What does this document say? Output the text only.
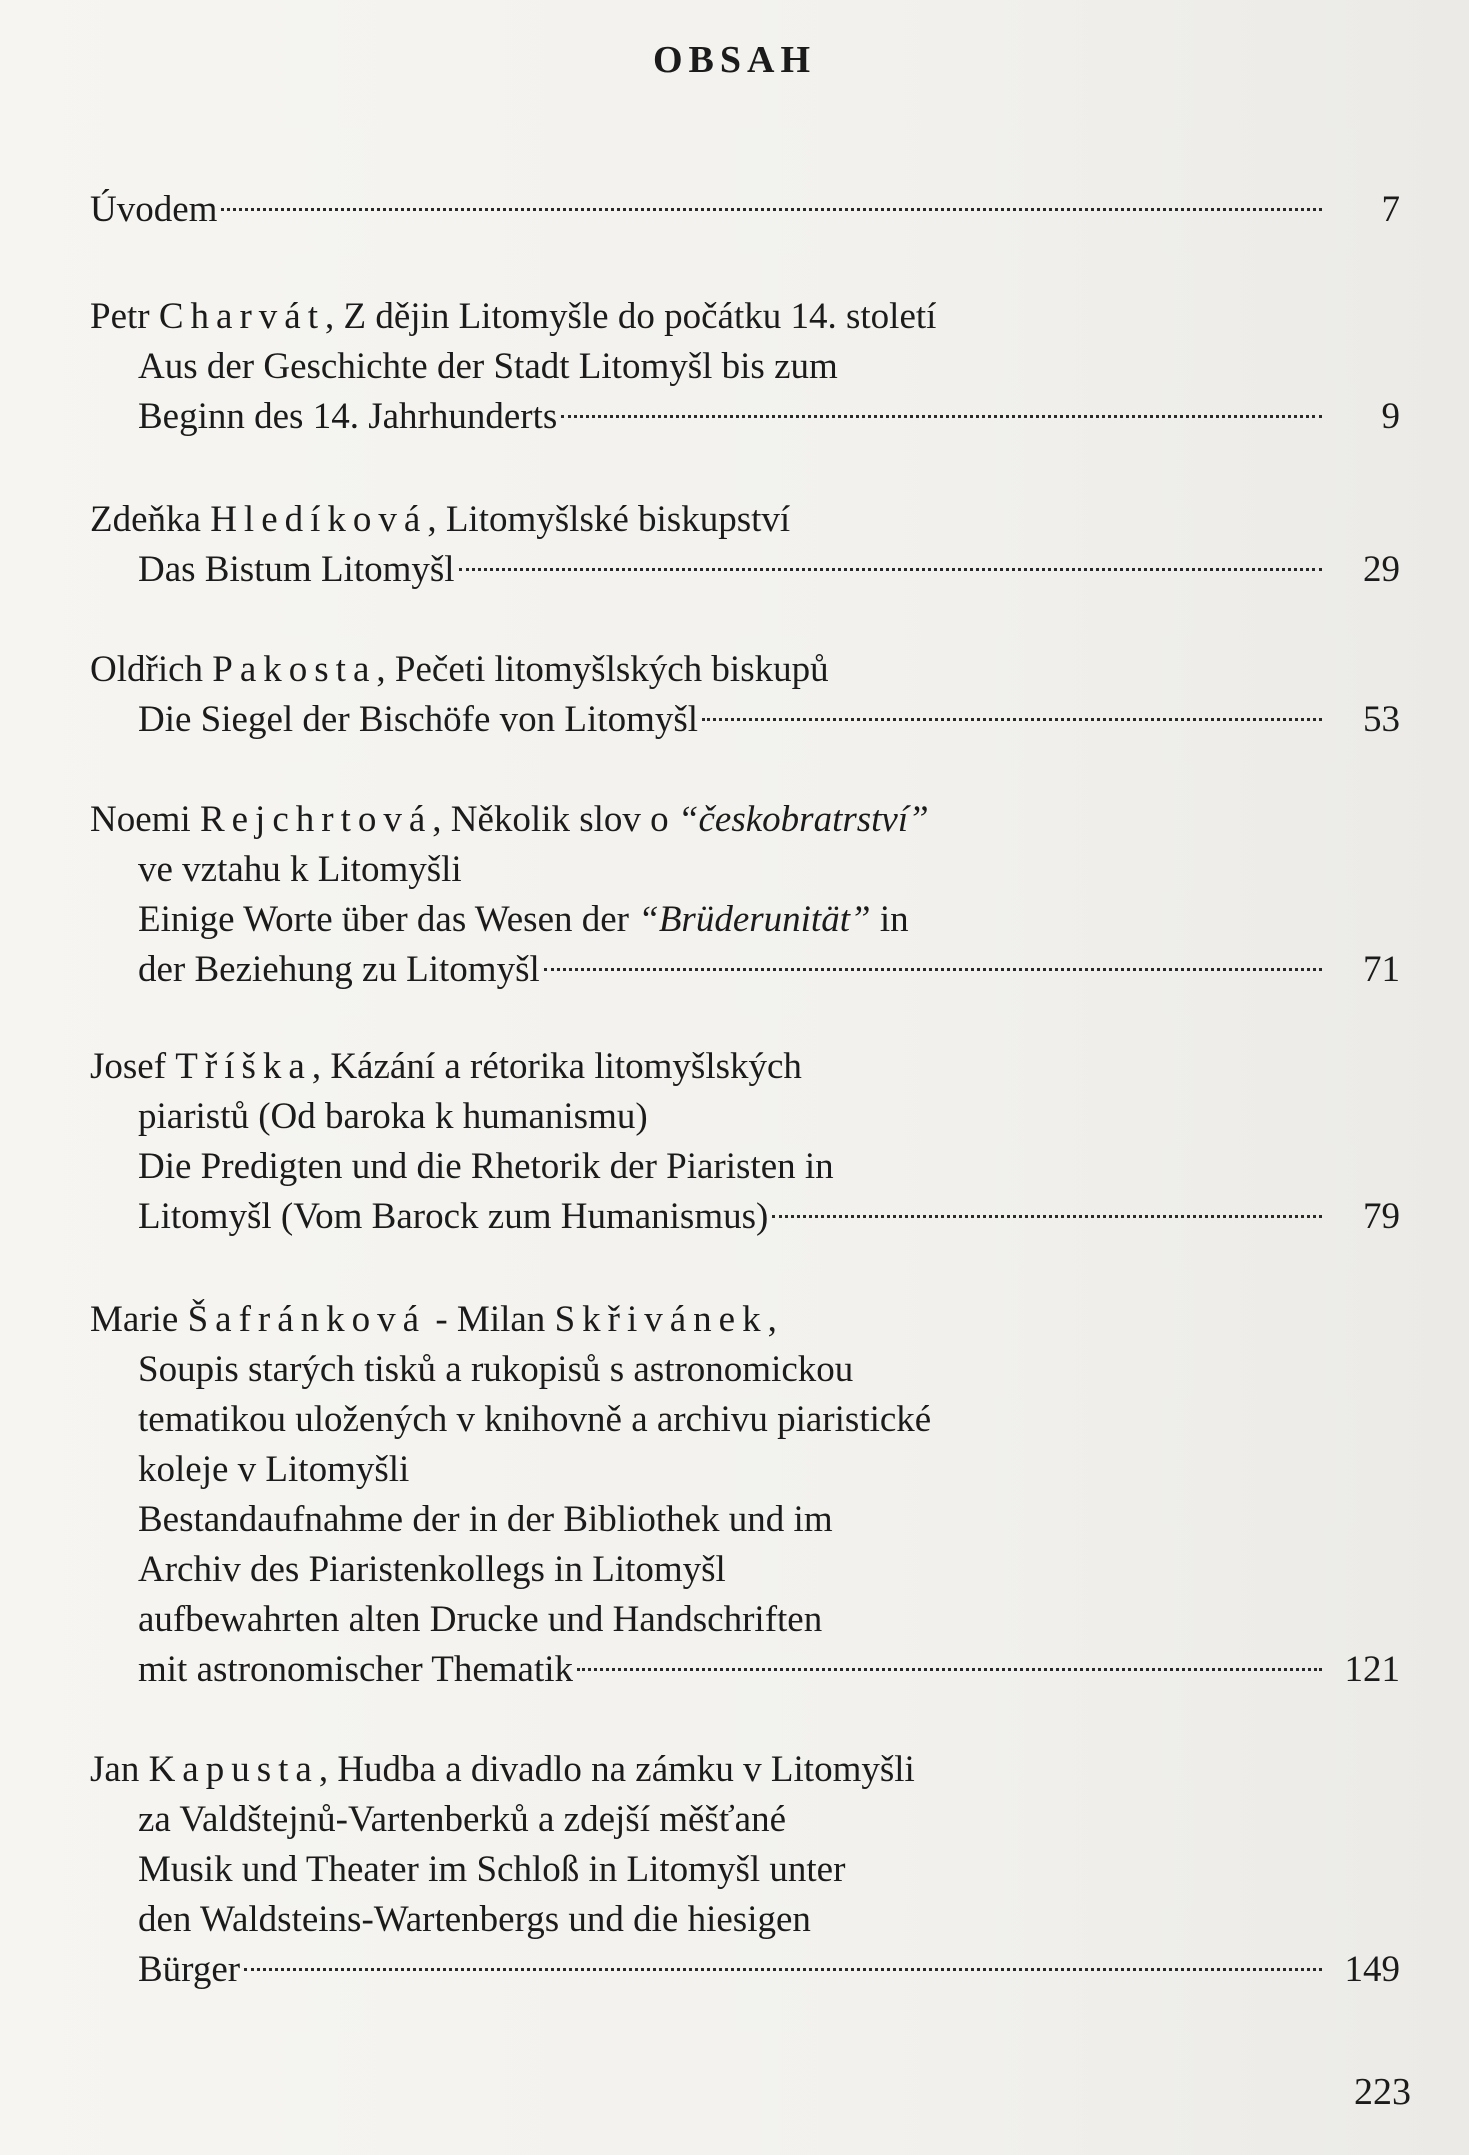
OBSAH
Úvodem	7
Petr Charvát, Z dějin Litomyšle do počátku 14. století
Aus der Geschichte der Stadt Litomyšl bis zum
Beginn des 14. Jahrhunderts	9
Zdeňka Hledíková, Litomyšlské biskupství
Das Bistum Litomyšl	29
Oldřich Pakosta, Pečeti litomyšlských biskupů
Die Siegel der Bischöfe von Litomyšl	53
Noemi Rejchrtová, Několik slov o “českobratrství”
ve vztahu k Litomyšli
Einige Worte über das Wesen der “Brüderunität” in
der Beziehung zu Litomyšl	71
Josef Tříška, Kázání a rétorika litomyšlských
piaristů (Od baroka k humanismu)
Die Predigten und die Rhetorik der Piaristen in
Litomyšl (Vom Barock zum Humanismus)	79
Marie Šafránková - Milan Skřivánek,
Soupis starých tisků a rukopisů s astronomickou
tematikou uložených v knihovně a archivu piaristické
koleje v Litomyšli
Bestandaufnahme der in der Bibliothek und im
Archiv des Piaristenkollegs in Litomyšl
aufbewahrten alten Drucke und Handschriften
mit astronomischer Thematik	121
Jan Kapusta, Hudba a divadlo na zámku v Litomyšli
za Valdštejnů-Vartenberků a zdejší měšťané
Musik und Theater im Schloß in Litomyšl unter
den Waldsteins-Wartenbergs und die hiesigen
Bürger	149
223
